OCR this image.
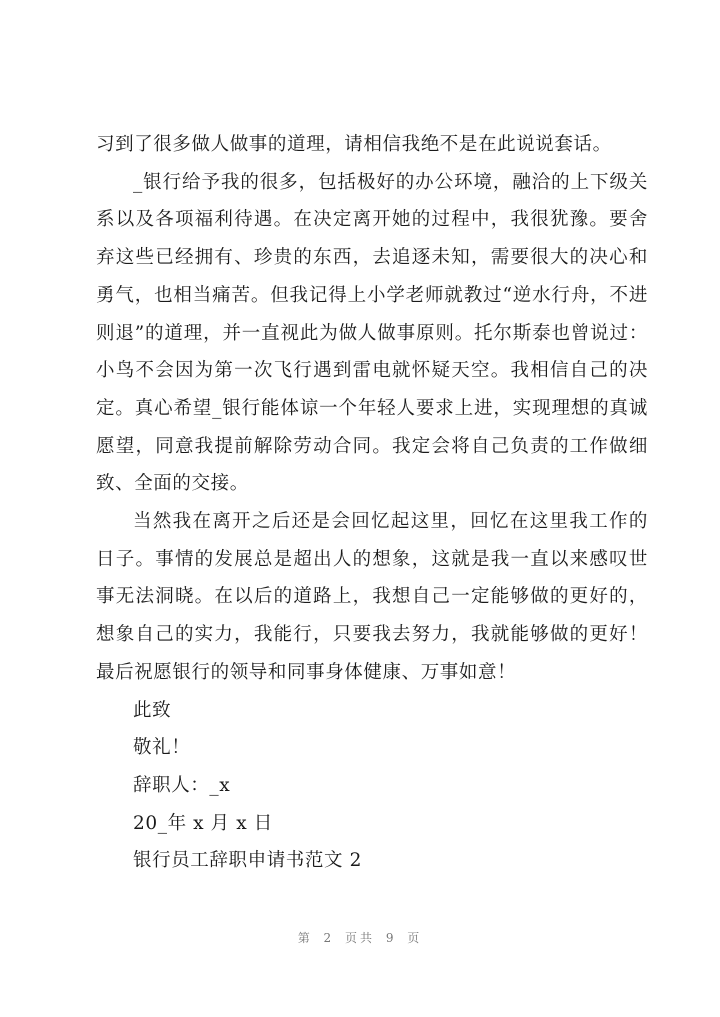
习到了很多做人做事的道理，请相信我绝不是在此说说套话。

_银行给予我的很多，包括极好的办公环境，融洽的上下级关系以及各项福利待遇。在决定离开她的过程中，我很犹豫。要舍弃这些已经拥有、珍贵的东西，去追逐未知，需要很大的决心和勇气，也相当痛苦。但我记得上小学老师就教过“逆水行舟，不进则退”的道理，并一直视此为做人做事原则。托尔斯泰也曾说过：小鸟不会因为第一次飞行遇到雷电就怀疑天空。我相信自己的决定。真心希望_银行能体谅一个年轻人要求上进，实现理想的真诚愿望，同意我提前解除劳动合同。我定会将自己负责的工作做细致、全面的交接。

当然我在离开之后还是会回忆起这里，回忆在这里我工作的日子。事情的发展总是超出人的想象，这就是我一直以来感叹世事无法洞晓。在以后的道路上，我想自己一定能够做的更好的，想象自己的实力，我能行，只要我去努力，我就能够做的更好！最后祝愿银行的领导和同事身体健康、万事如意！

此致

敬礼！

辞职人：_x

20_年 x 月 x 日

银行员工辞职申请书范文 2

第 2 页共 9 页
